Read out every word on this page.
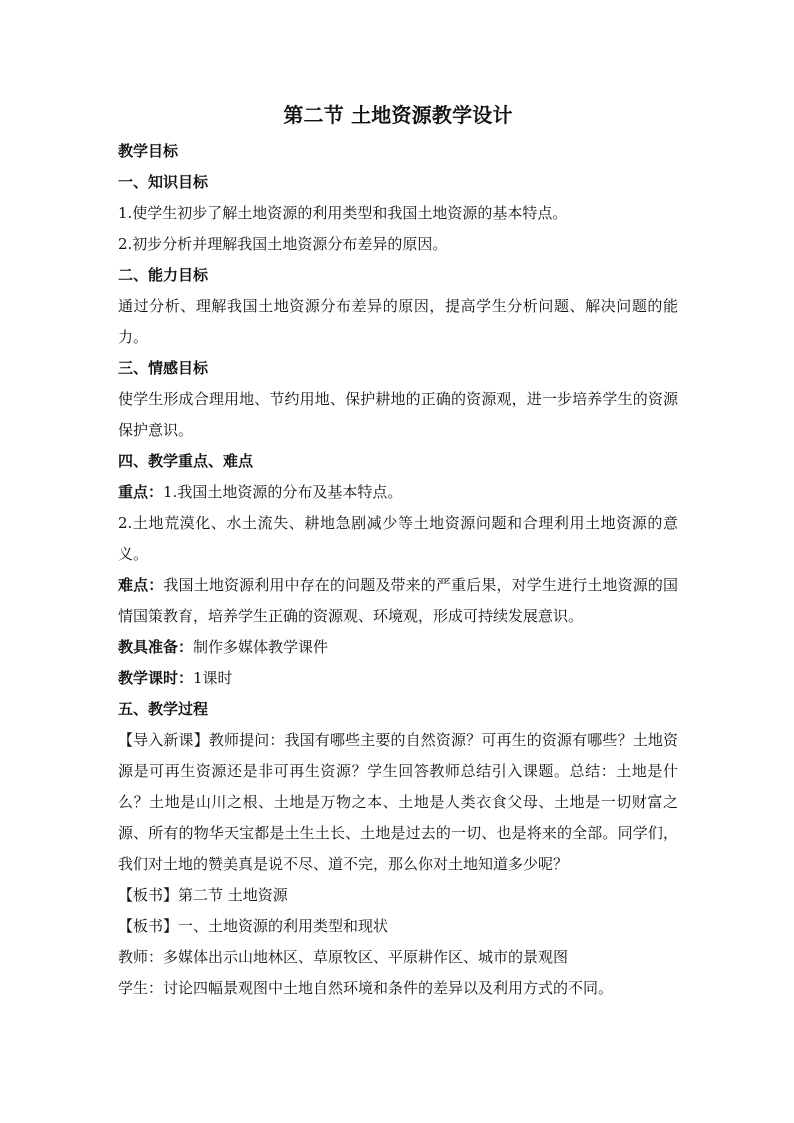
第二节 土地资源教学设计

教学目标

一、知识目标

1.使学生初步了解土地资源的利用类型和我国土地资源的基本特点。

2.初步分析并理解我国土地资源分布差异的原因。

二、能力目标

通过分析、理解我国土地资源分布差异的原因，提高学生分析问题、解决问题的能力。

三、情感目标

使学生形成合理用地、节约用地、保护耕地的正确的资源观，进一步培养学生的资源保护意识。

四、教学重点、难点

重点：1.我国土地资源的分布及基本特点。

2.土地荒漠化、水土流失、耕地急剧减少等土地资源问题和合理利用土地资源的意义。

难点：我国土地资源利用中存在的问题及带来的严重后果，对学生进行土地资源的国情国策教育，培养学生正确的资源观、环境观，形成可持续发展意识。

教具准备：制作多媒体教学课件

教学课时：1课时

五、教学过程

【导入新课】教师提问：我国有哪些主要的自然资源？可再生的资源有哪些？土地资源是可再生资源还是非可再生资源？学生回答教师总结引入课题。总结：土地是什么？土地是山川之根、土地是万物之本、土地是人类衣食父母、土地是一切财富之源、所有的物华天宝都是土生土长、土地是过去的一切、也是将来的全部。同学们，我们对土地的赞美真是说不尽、道不完，那么你对土地知道多少呢？

【板书】第二节 土地资源

【板书】一、土地资源的利用类型和现状

教师：多媒体出示山地林区、草原牧区、平原耕作区、城市的景观图

学生：讨论四幅景观图中土地自然环境和条件的差异以及利用方式的不同。
